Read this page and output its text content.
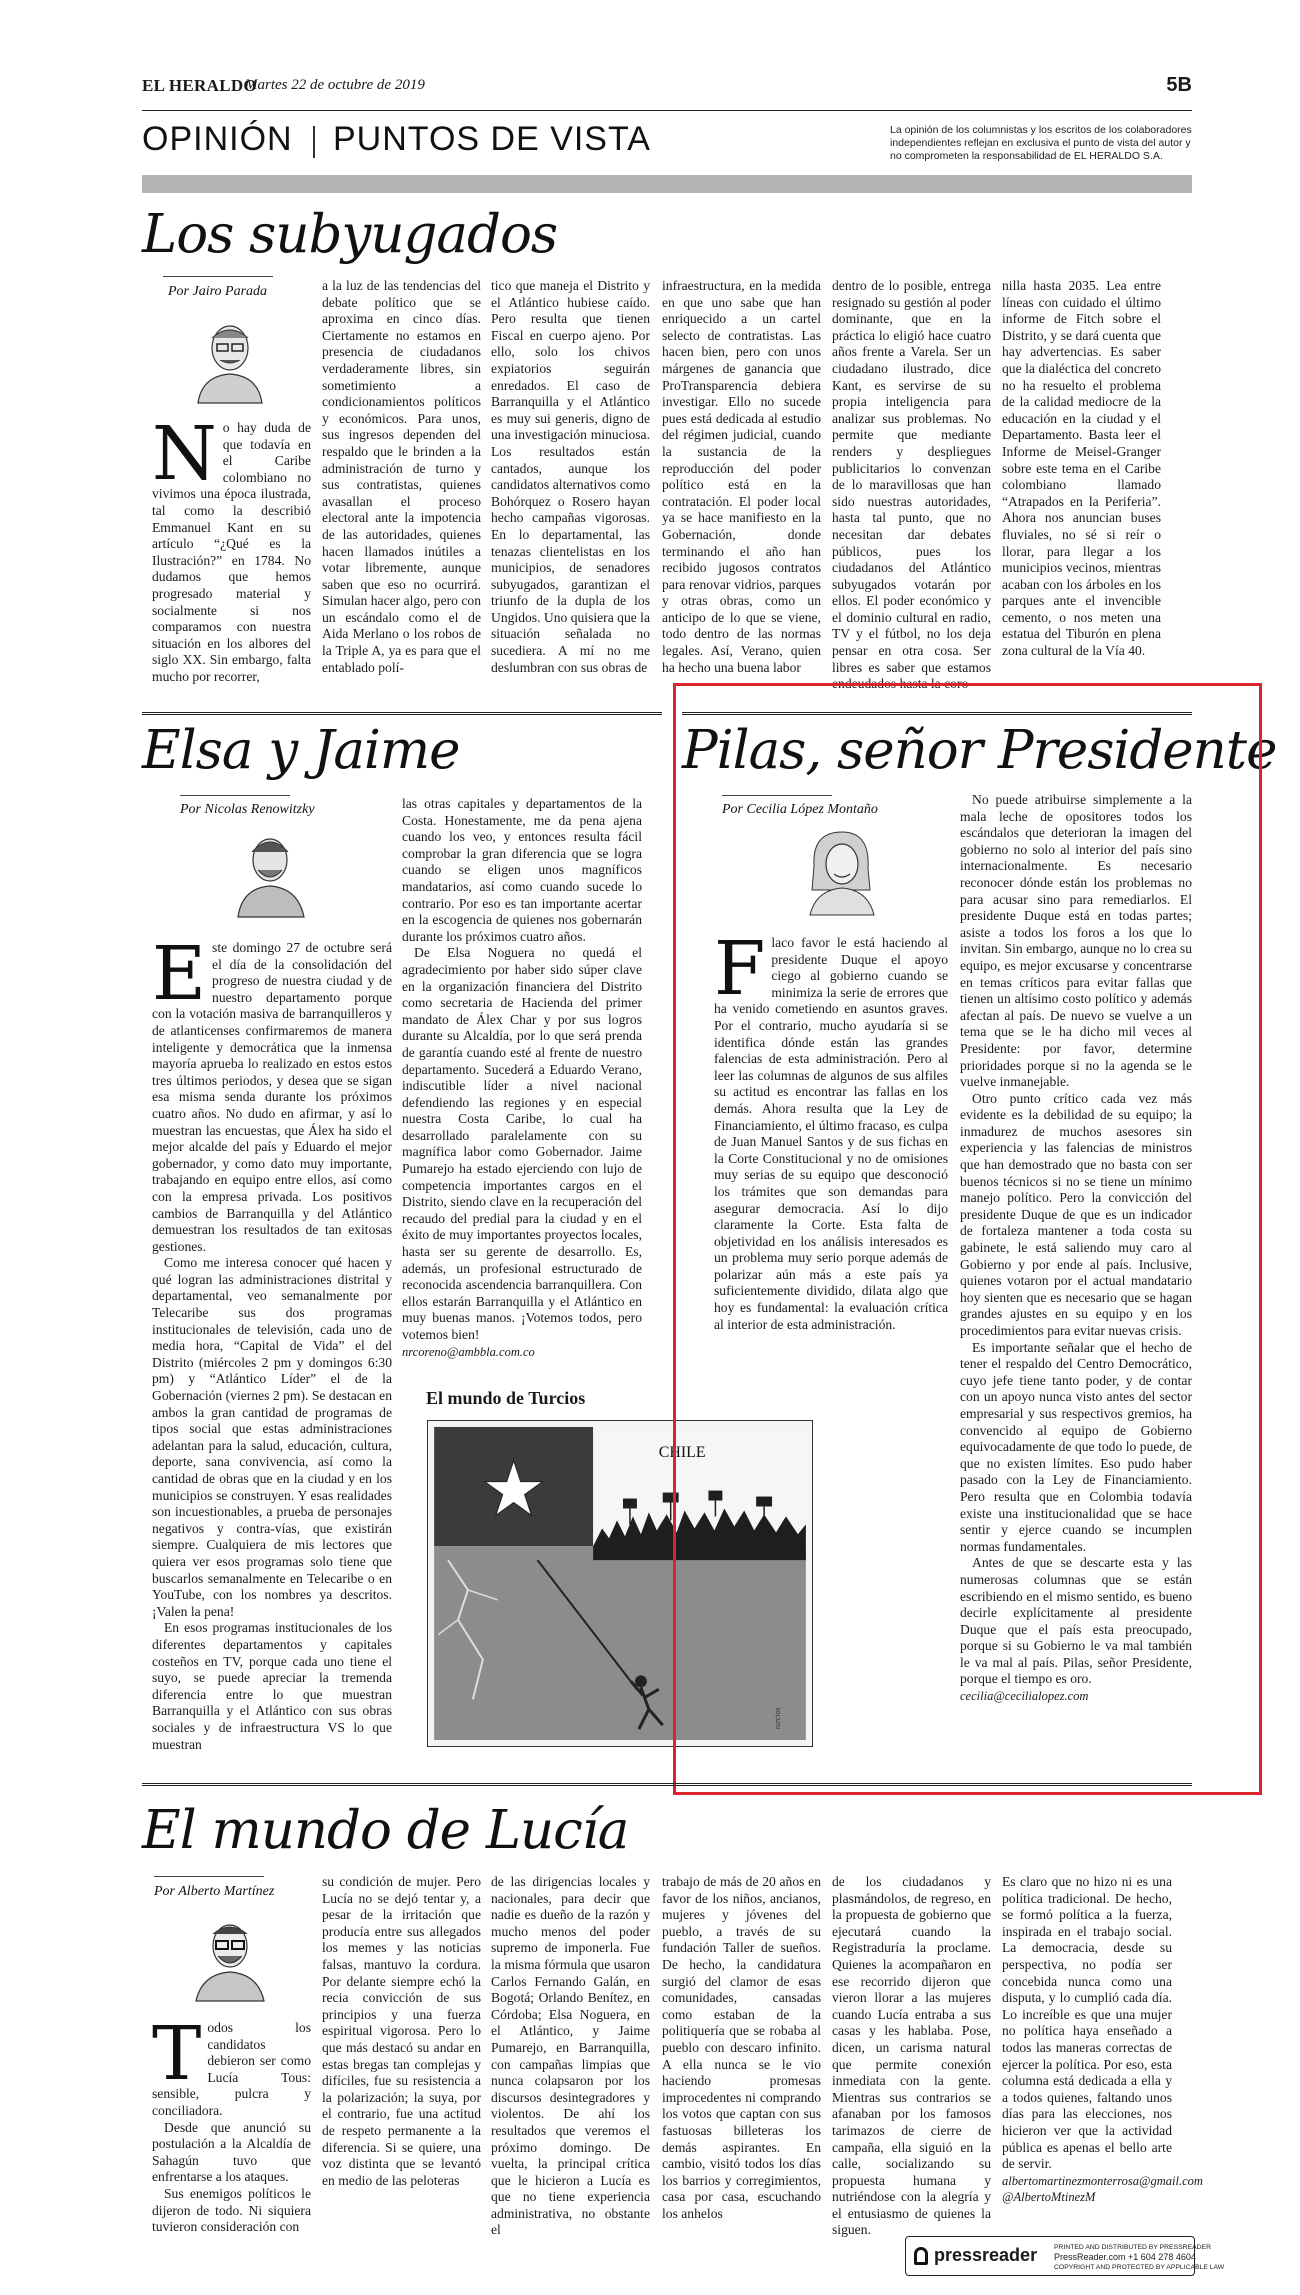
EL HERALDO
Martes 22 de octubre de 2019	5B
OPINIÓN PUNTOS DE VISTA	La opinión de los columnistas y los escritos de los colaboradores independientes reflejan en exclusiva el punto de vista del autor y no comprometen la responsabilidad de EL HERALDO S.A.
Los subyugados
Por Jairo Parada

No hay duda de que todavía en el Caribe colombiano no vivimos una época ilustrada, tal como la describió Emmanuel Kant en su artículo “¿Qué es la Ilustración?” en 1784. No dudamos que hemos progresado material y socialmente si nos comparamos con nuestra situación en los albores del siglo XX. Sin embargo, falta mucho por recorrer,

a la luz de las tendencias del debate político que se aproxima en cinco días. Ciertamente no estamos en presencia de ciudadanos verdaderamente libres, sin sometimiento a condicionamientos políticos y económicos. Para unos, sus ingresos dependen del respaldo que le brinden a la administración de turno y sus contratistas, quienes avasallan el proceso electoral ante la impotencia de las autoridades, quienes hacen llamados inútiles a votar libremente, aunque saben que eso no ocurrirá. Simulan hacer algo, pero con un escándalo como el de Aida Merlano o los robos de la Triple A, ya es para que el entablado polí-

tico que maneja el Distrito y el Atlántico hubiese caído. Pero resulta que tienen Fiscal en cuerpo ajeno. Por ello, solo los chivos expiatorios seguirán enredados. El caso de Barranquilla y el Atlántico es muy sui generis, digno de una investigación minuciosa. Los resultados están cantados, aunque los candidatos alternativos como Bohórquez o Rosero hayan hecho campañas vigorosas. En lo departamental, las tenazas clientelistas en los municipios, de senadores subyugados, garantizan el triunfo de la dupla de los Ungidos. Uno quisiera que la situación señalada no sucediera. A mí no me deslumbran con sus obras de

infraestructura, en la medida en que uno sabe que han enriquecido a un cartel selecto de contratistas. Las hacen bien, pero con unos márgenes de ganancia que ProTransparencia debiera investigar. Ello no sucede pues está dedicada al estudio del régimen judicial, cuando la sustancia de la reproducción del poder político está en la contratación. El poder local ya se hace manifiesto en la Gobernación, donde terminando el año han recibido jugosos contratos para renovar vidrios, parques y otras obras, como un anticipo de lo que se viene, todo dentro de las normas legales. Así, Verano, quien ha hecho una buena labor

dentro de lo posible, entrega resignado su gestión al poder dominante, que en la práctica lo eligió hace cuatro años frente a Varela. Ser un ciudadano ilustrado, dice Kant, es servirse de su propia inteligencia para analizar sus problemas. No permite que mediante renders y despliegues publicitarios lo convenzan de lo maravillosas que han sido nuestras autoridades, hasta tal punto, que no necesitan dar debates públicos, pues los ciudadanos del Atlántico subyugados votarán por ellos. El poder económico y el dominio cultural en radio, TV y el fútbol, no los deja pensar en otra cosa. Ser libres es saber que estamos endeudados hasta la coro-

nilla hasta 2035. Lea entre líneas con cuidado el último informe de Fitch sobre el Distrito, y se dará cuenta que hay advertencias. Es saber que la dialéctica del concreto no ha resuelto el problema de la calidad mediocre de la educación en la ciudad y el Departamento. Basta leer el Informe de Meisel-Granger sobre este tema en el Caribe colombiano llamado “Atrapados en la Periferia”. Ahora nos anuncian buses fluviales, no sé si reír o llorar, para llegar a los municipios vecinos, mientras acaban con los árboles en los parques ante el invencible cemento, o nos meten una estatua del Tiburón en plena zona cultural de la Vía 40.

Elsa y Jaime
Por Nicolas Renowitzky

Este domingo 27 de octubre será el día de la consolidación del progreso de nuestra ciudad y de nuestro departamento porque con la votación masiva de barranquilleros y de atlanticenses confirmaremos de manera inteligente y democrática que la inmensa mayoría aprueba lo realizado en estos estos tres últimos periodos, y desea que se sigan esa misma senda durante los próximos cuatro años. No dudo en afirmar, y así lo muestran las encuestas, que Álex ha sido el mejor alcalde del país y Eduardo el mejor gobernador, y como dato muy importante, trabajando en equipo entre ellos, así como con la empresa privada. Los positivos cambios de Barranquilla y del Atlántico demuestran los resultados de tan exitosas gestiones.

Como me interesa conocer qué hacen y qué logran las administraciones distrital y departamental, veo semanalmente por Telecaribe sus dos programas institucionales de televisión, cada uno de media hora, “Capital de Vida” el del Distrito (miércoles 2 pm y domingos 6:30 pm) y “Atlántico Líder” el de la Gobernación (viernes 2 pm). Se destacan en ambos la gran cantidad de programas de tipos social que estas administraciones adelantan para la salud, educación, cultura, deporte, sana convivencia, así como la cantidad de obras que en la ciudad y en los municipios se construyen. Y esas realidades son incuestionables, a prueba de personajes negativos y contra-vías, que existirán siempre. Cualquiera de mis lectores que quiera ver esos programas solo tiene que buscarlos semanalmente en Telecaribe o en YouTube, con los nombres ya descritos. ¡Valen la pena!

En esos programas institucionales de los diferentes departamentos y capitales costeños en TV, porque cada uno tiene el suyo, se puede apreciar la tremenda diferencia entre lo que muestran Barranquilla y el Atlántico con sus obras sociales y de infraestructura VS lo que muestran

las otras capitales y departamentos de la Costa. Honestamente, me da pena ajena cuando los veo, y entonces resulta fácil comprobar la gran diferencia que se logra cuando se eligen unos magníficos mandatarios, así como cuando sucede lo contrario. Por eso es tan importante acertar en la escogencia de quienes nos gobernarán durante los próximos cuatro años.

De Elsa Noguera no quedá el agradecimiento por haber sido súper clave en la organización financiera del Distrito como secretaria de Hacienda del primer mandato de Álex Char y por sus logros durante su Alcaldía, por lo que será prenda de garantía cuando esté al frente de nuestro departamento. Sucederá a Eduardo Verano, indiscutible líder a nivel nacional defendiendo las regiones y en especial nuestra Costa Caribe, lo cual ha desarrollado paralelamente con su magnífica labor como Gobernador. Jaime Pumarejo ha estado ejerciendo con lujo de competencia importantes cargos en el Distrito, siendo clave en la recuperación del recaudo del predial para la ciudad y en el éxito de muy importantes proyectos locales, hasta ser su gerente de desarrollo. Es, además, un profesional estructurado de reconocida ascendencia barranquillera. Con ellos estarán Barranquilla y el Atlántico en muy buenas manos. ¡Votemos todos, pero votemos bien!

nrcoreno@ambbla.com.co
El mundo de Turcios
CHILE
turcios
Pilas, señor Presidente
Por Cecilia López Montaño

Flaco favor le está haciendo al presidente Duque el apoyo ciego al gobierno cuando se minimiza la serie de errores que ha venido cometiendo en asuntos graves. Por el contrario, mucho ayudaría si se identifica dónde están las grandes falencias de esta administración. Pero al leer las columnas de algunos de sus alfiles su actitud es encontrar las fallas en los demás. Ahora resulta que la Ley de Financiamiento, el último fracaso, es culpa de Juan Manuel Santos y de sus fichas en la Corte Constitucional y no de omisiones muy serias de su equipo que desconoció los trámites que son demandas para asegurar democracia. Así lo dijo claramente la Corte. Esta falta de objetividad en los análisis interesados es un problema muy serio porque además de polarizar aún más a este país ya suficientemente dividido, dilata algo que hoy es fundamental: la evaluación crítica al interior de esta administración.

No puede atribuirse simplemente a la mala leche de opositores todos los escándalos que deterioran la imagen del gobierno no solo al interior del país sino internacionalmente. Es necesario reconocer dónde están los problemas no para acusar sino para remediarlos. El presidente Duque está en todas partes; asiste a todos los foros a los que lo invitan. Sin embargo, aunque no lo crea su equipo, es mejor excusarse y concentrarse en temas críticos para evitar fallas que tienen un altísimo costo político y además afectan al país. De nuevo se vuelve a un tema que se le ha dicho mil veces al Presidente: por favor, determine prioridades porque si no la agenda se le vuelve inmanejable.

Otro punto crítico cada vez más evidente es la debilidad de su equipo; la inmadurez de muchos asesores sin experiencia y las falencias de ministros que han demostrado que no basta con ser buenos técnicos si no se tiene un mínimo manejo político. Pero la convicción del presidente Duque de que es un indicador de fortaleza mantener a toda costa su gabinete, le está saliendo muy caro al Gobierno y por ende al país. Inclusive, quienes votaron por el actual mandatario hoy sienten que es necesario que se hagan grandes ajustes en su equipo y en los procedimientos para evitar nuevas crisis.

Es importante señalar que el hecho de tener el respaldo del Centro Democrático, cuyo jefe tiene tanto poder, y de contar con un apoyo nunca visto antes del sector empresarial y sus respectivos gremios, ha convencido al equipo de Gobierno equivocadamente de que todo lo puede, de que no existen límites. Eso pudo haber pasado con la Ley de Financiamiento. Pero resulta que en Colombia todavía existe una institucionalidad que se hace sentir y ejerce cuando se incumplen normas fundamentales.

Antes de que se descarte esta y las numerosas columnas que se están escribiendo en el mismo sentido, es bueno decirle explícitamente al presidente Duque que el país esta preocupado, porque si su Gobierno le va mal también le va mal al país. Pilas, señor Presidente, porque el tiempo es oro.

cecilia@cecilialopez.com
El mundo de Lucía
Por Alberto Martínez

Todos los candidatos debieron ser como Lucía Tous: sensible, pulcra y conciliadora.

Desde que anunció su postulación a la Alcaldía de Sahagún tuvo que enfrentarse a los ataques.

Sus enemigos políticos le dijeron de todo. Ni siquiera tuvieron consideración con

su condición de mujer. Pero Lucía no se dejó tentar y, a pesar de la irritación que producía entre sus allegados los memes y las noticias falsas, mantuvo la cordura. Por delante siempre echó la recia convicción de sus principios y una fuerza espiritual vigorosa. Pero lo que más destacó su andar en estas bregas tan complejas y difíciles, fue su resistencia a la polarización; la suya, por el contrario, fue una actitud de respeto permanente a la diferencia. Si se quiere, una voz distinta que se levantó en medio de las peloteras

de las dirigencias locales y nacionales, para decir que nadie es dueño de la razón y mucho menos del poder supremo de imponerla. Fue la misma fórmula que usaron Carlos Fernando Galán, en Bogotá; Orlando Benítez, en Córdoba; Elsa Noguera, en el Atlántico, y Jaime Pumarejo, en Barranquilla, con campañas limpias que nunca colapsaron por los discursos desintegradores y violentos. De ahí los resultados que veremos el próximo domingo. De vuelta, la principal crítica que le hicieron a Lucía es que no tiene experiencia administrativa, no obstante el

trabajo de más de 20 años en favor de los niños, ancianos, mujeres y jóvenes del pueblo, a través de su fundación Taller de sueños. De hecho, la candidatura surgió del clamor de esas comunidades, cansadas como estaban de la politiquería que se robaba al pueblo con descaro infinito. A ella nunca se le vio haciendo promesas improcedentes ni comprando los votos que captan con sus fastuosas billeteras los demás aspirantes. En cambio, visitó todos los días los barrios y corregimientos, casa por casa, escuchando los anhelos

de los ciudadanos y plasmándolos, de regreso, en la propuesta de gobierno que ejecutará cuando la Registraduría la proclame. Quienes la acompañaron en ese recorrido dijeron que vieron llorar a las mujeres cuando Lucía entraba a sus casas y les hablaba. Pose, dicen, un carisma natural que permite conexión inmediata con la gente. Mientras sus contrarios se afanaban por los famosos tarimazos de cierre de campaña, ella siguió en la calle, socializando su propuesta humana y nutriéndose con la alegría y el entusiasmo de quienes la siguen.

Es claro que no hizo ni es una política tradicional. De hecho, se formó política a la fuerza, inspirada en el trabajo social. La democracia, desde su perspectiva, no podía ser concebida nunca como una disputa, y lo cumplió cada día. Lo increíble es que una mujer no política haya enseñado a todos las maneras correctas de ejercer la política. Por eso, esta columna está dedicada a ella y a todos quienes, faltando unos días para las elecciones, nos hicieron ver que la actividad pública es apenas el bello arte de servir.

albertomartinezmonterrosa@gmail.com
@AlbertoMtinezM
pressreader PRINTED AND DISTRIBUTED BY PRESSREADER
PressReader.com +1 604 278 4604
COPYRIGHT AND PROTECTED BY APPLICABLE LAW
